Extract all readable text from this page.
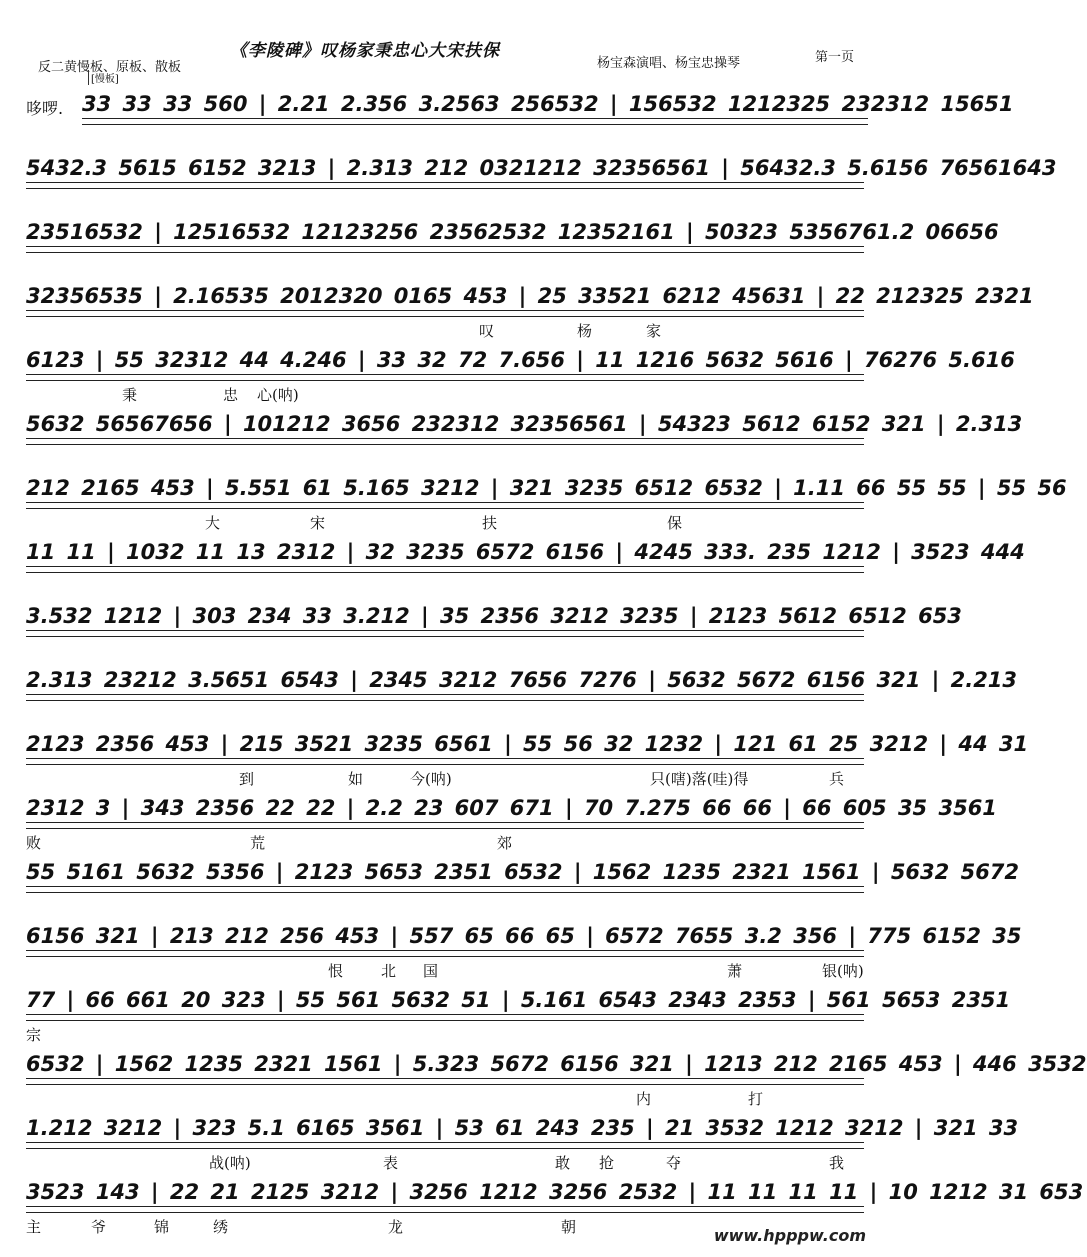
《李陵碑》叹杨家秉忠心大宋扶保
反二黄慢板、原板、散板	杨宝森演唱、杨宝忠操琴	第一页
[慢板]
33 33 33 560 | 2.21 2.356 3.2563 256532 | 156532 1212325 232312 15651
5432.3 5615 6152 3213 | 2.313 212 0321212 32356561 | 56432.3 5.6156 76561643
23516532 | 12516532 12123256 23562532 12352161 | 50323 5356761.2 06656
32356535 | 2.16535 2012320 0165 453 | 25 33521 6212 45631 | 22 212325 2321
叹	杨	家
6123 | 55 32312 44 4.246 | 33 32 72 7.656 | 11 1216 5632 5616 | 76276 5.616
秉	忠 心(呐)
5632 56567656 | 101212 3656 232312 32356561 | 54323 5612 6152 321 | 2.313
212 2165 453 | 5.551 61 5.165 3212 | 321 3235 6512 6532 | 1.11 66 55 55 | 55 56
大	宋	扶	保
11 11 | 1032 11 13 2312 | 32 3235 6572 6156 | 4245 333. 235 1212 | 3523 444
3.532 1212 | 303 234 33 3.212 | 35 2356 3212 3235 | 2123 5612 6512 653
2.313 23212 3.5651 6543 | 2345 3212 7656 7276 | 5632 5672 6156 321 | 2.213
2123 2356 453 | 215 3521 3235 6561 | 55 56 32 1232 | 121 61 25 3212 | 44 31
到	如	今(呐)	只(嗐)落(哇)得	兵
2312 3 | 343 2356 22 22 | 2.2 23 607 671 | 70 7.275 66 66 | 66 605 35 3561
败	荒	郊
55 5161 5632 5356 | 2123 5653 2351 6532 | 1562 1235 2321 1561 | 5632 5672
6156 321 | 213 212 256 453 | 557 65 66 65 | 6572 7655 3.2 356 | 775 6152 35
恨	北 国	萧	银(呐)
77 | 66 661 20 323 | 55 561 5632 51 | 5.161 6543 2343 2353 | 561 5653 2351
宗
6532 | 1562 1235 2321 1561 | 5.323 5672 6156 321 | 1213 212 2165 453 | 446 3532
内	打
1.212 3212 | 323 5.1 6165 3561 | 53 61 243 235 | 21 3532 1212 3212 | 321 33
战(呐)	表	敢 抢	夺	我
3523 143 | 22 21 2125 3212 | 3256 1212 3256 2532 | 11 11 11 11 | 10 1212 31 653
主	爷	锦	绣	龙	朝	www.hpppw.com
哆啰.
